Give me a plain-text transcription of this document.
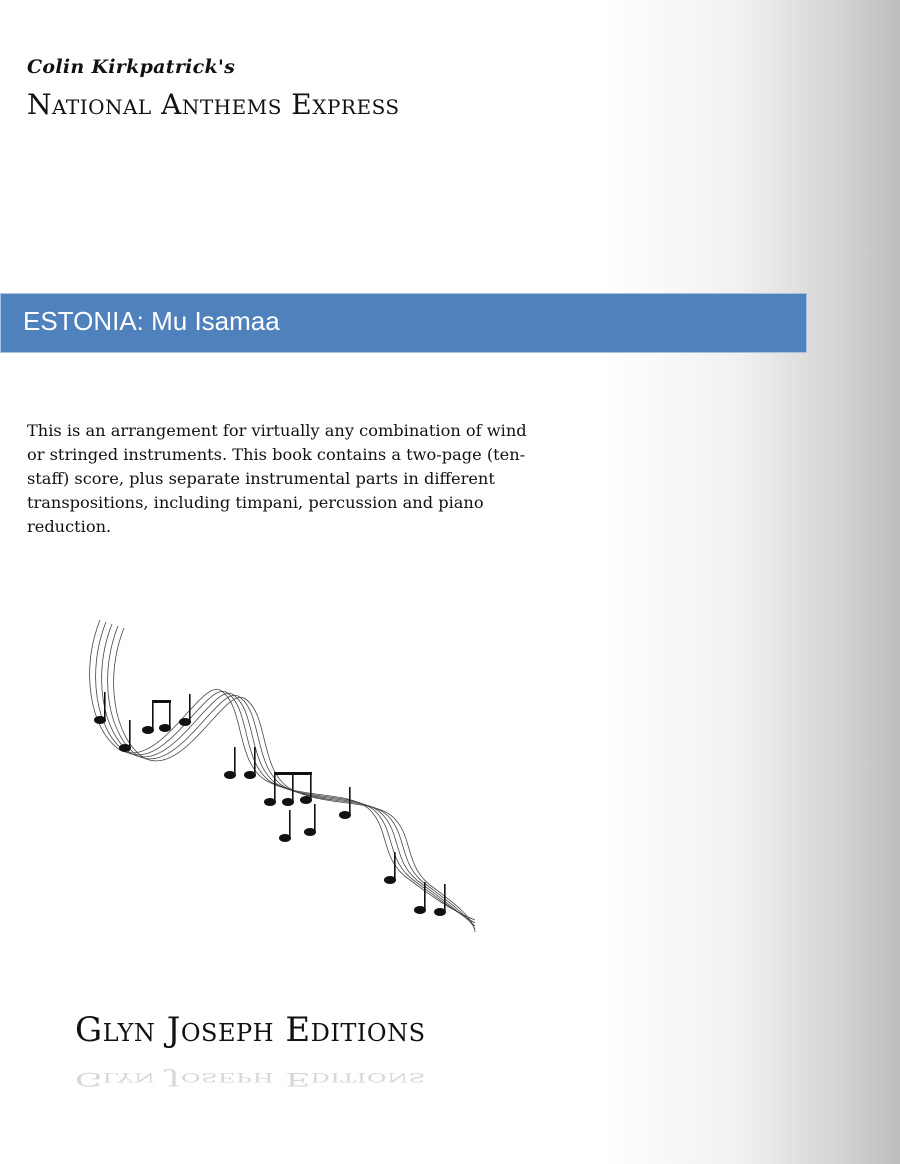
Colin Kirkpatrick's
National Anthems Express
ESTONIA: Mu Isamaa
This is an arrangement for virtually any combination of wind or stringed instruments. This book contains a two-page (ten-staff) score, plus separate instrumental parts in different transpositions, including timpani, percussion and piano reduction.
Glyn Joseph Editions
Glyn Joseph Editions
